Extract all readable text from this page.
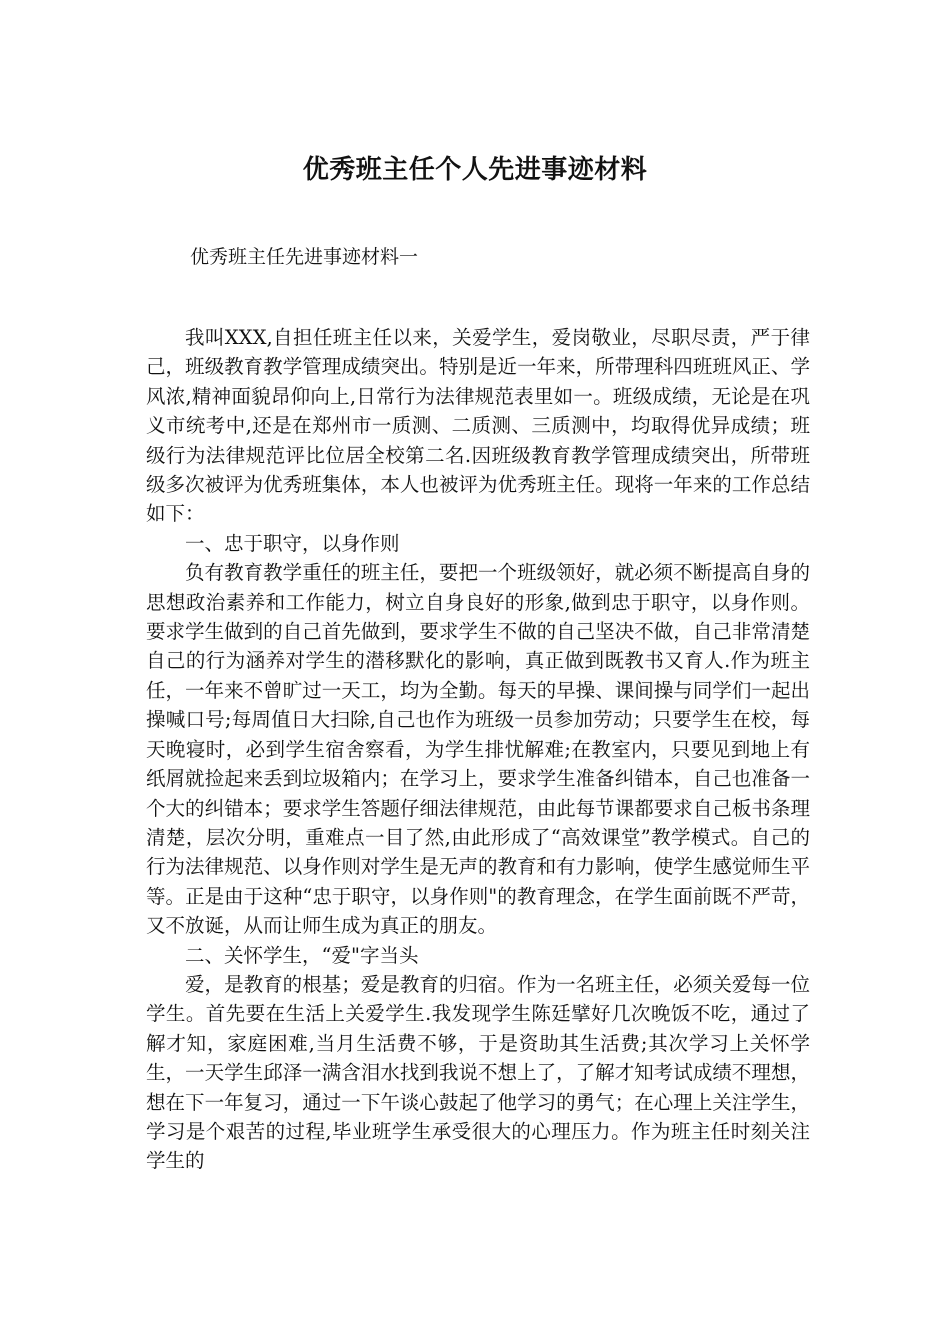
优秀班主任个人先进事迹材料
优秀班主任先进事迹材料一

我叫XXX,自担任班主任以来，关爱学生，爱岗敬业，尽职尽责，严于律己，班级教育教学管理成绩突出。特别是近一年来，所带理科四班班风正、学风浓,精神面貌昂仰向上,日常行为法律规范表里如一。班级成绩，无论是在巩义市统考中,还是在郑州市一质测、二质测、三质测中，均取得优异成绩；班级行为法律规范评比位居全校第二名.因班级教育教学管理成绩突出，所带班级多次被评为优秀班集体，本人也被评为优秀班主任。现将一年来的工作总结如下：

一、忠于职守，以身作则

负有教育教学重任的班主任，要把一个班级领好，就必须不断提高自身的思想政治素养和工作能力，树立自身良好的形象,做到忠于职守，以身作则。要求学生做到的自己首先做到，要求学生不做的自己坚决不做，自己非常清楚自己的行为涵养对学生的潜移默化的影响，真正做到既教书又育人.作为班主任，一年来不曾旷过一天工，均为全勤。每天的早操、课间操与同学们一起出操喊口号;每周值日大扫除,自己也作为班级一员参加劳动；只要学生在校，每天晚寝时，必到学生宿舍察看，为学生排忧解难;在教室内，只要见到地上有纸屑就捡起来丢到垃圾箱内；在学习上，要求学生准备纠错本，自己也准备一个大的纠错本；要求学生答题仔细法律规范，由此每节课都要求自己板书条理清楚，层次分明，重难点一目了然,由此形成了“高效课堂”教学模式。自己的行为法律规范、以身作则对学生是无声的教育和有力影响，使学生感觉师生平等。正是由于这种“忠于职守，以身作则"的教育理念，在学生面前既不严苛，又不放诞，从而让师生成为真正的朋友。

二、关怀学生，“爱"字当头

爱，是教育的根基；爱是教育的归宿。作为一名班主任，必须关爱每一位学生。首先要在生活上关爱学生.我发现学生陈廷擘好几次晚饭不吃，通过了解才知，家庭困难,当月生活费不够，于是资助其生活费;其次学习上关怀学生，一天学生邱泽一满含泪水找到我说不想上了，了解才知考试成绩不理想，想在下一年复习，通过一下午谈心鼓起了他学习的勇气；在心理上关注学生，学习是个艰苦的过程,毕业班学生承受很大的心理压力。作为班主任时刻关注学生的
